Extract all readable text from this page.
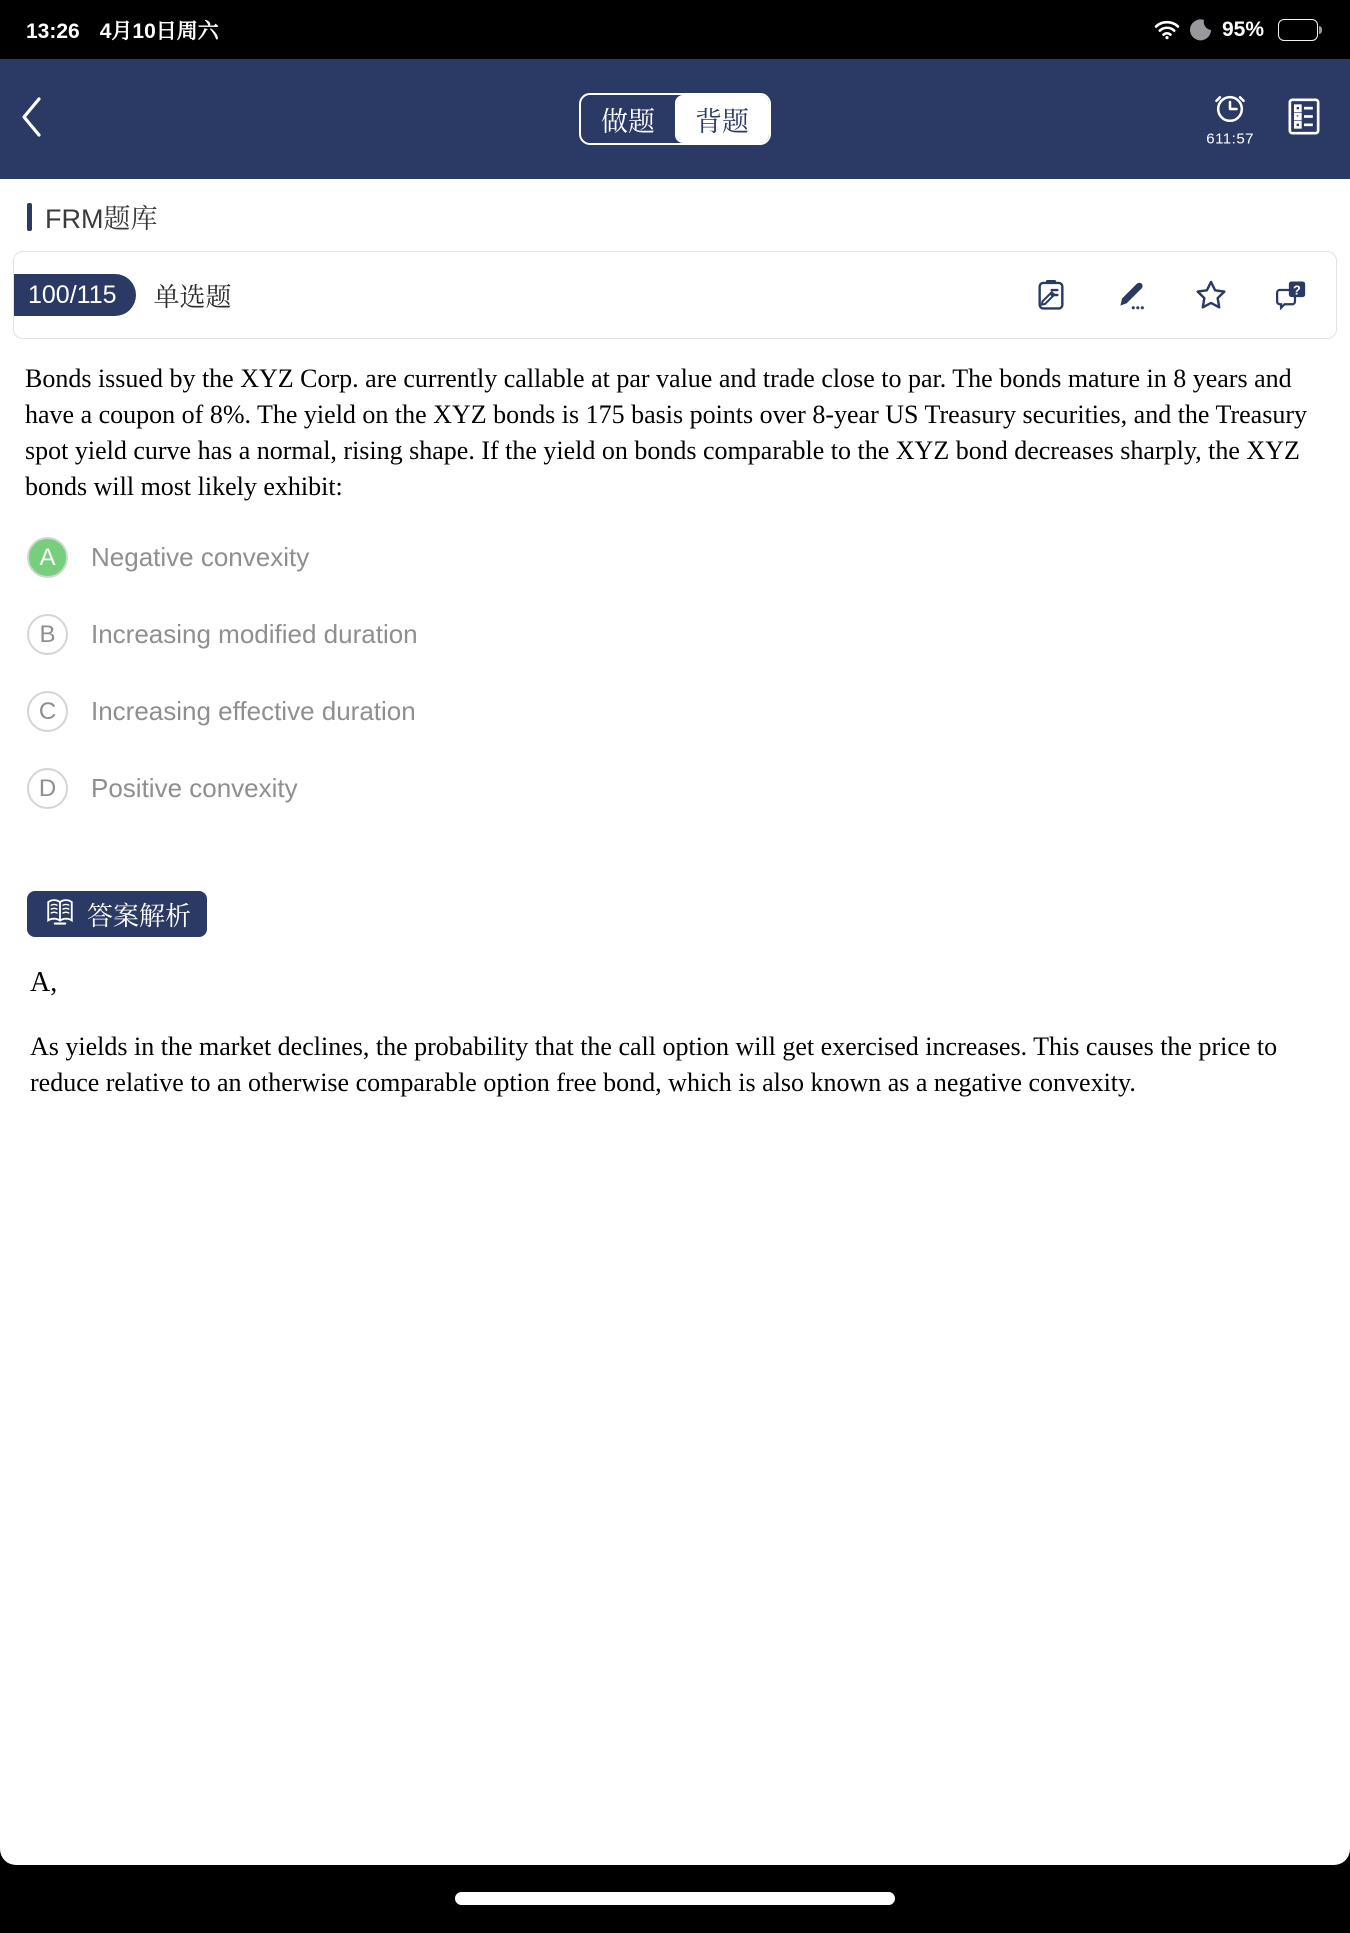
13:26 4月10日周六	95%
做题	背题
611:57
FRM题库
100/115	单选题	?
Bonds issued by the XYZ Corp. are currently callable at par value and trade close to par. The bonds mature in 8 years and have a coupon of 8%. The yield on the XYZ bonds is 175 basis points over 8-year US Treasury securities, and the Treasury spot yield curve has a normal, rising shape. If the yield on bonds comparable to the XYZ bond decreases sharply, the XYZ bonds will most likely exhibit:
A	Negative convexity
B	Increasing modified duration
C	Increasing effective duration
D	Positive convexity
答案解析
A,
As yields in the market declines, the probability that the call option will get exercised increases. This causes the price to reduce relative to an otherwise comparable option free bond, which is also known as a negative convexity.
